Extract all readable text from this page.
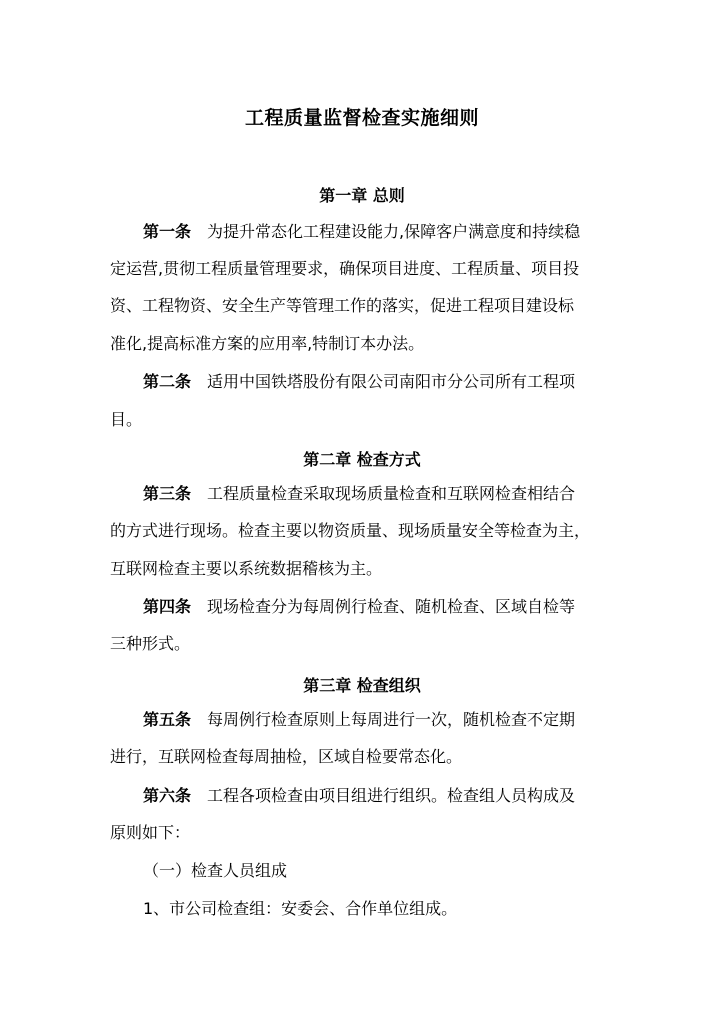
工程质量监督检查实施细则
第一章 总则
第一条 为提升常态化工程建设能力,保障客户满意度和持续稳
定运营,贯彻工程质量管理要求，确保项目进度、工程质量、项目投
资、工程物资、安全生产等管理工作的落实，促进工程项目建设标
准化,提高标准方案的应用率,特制订本办法。
第二条 适用中国铁塔股份有限公司南阳市分公司所有工程项
目。
第二章 检查方式
第三条 工程质量检查采取现场质量检查和互联网检查相结合
的方式进行现场。检查主要以物资质量、现场质量安全等检查为主，
互联网检查主要以系统数据稽核为主。
第四条 现场检查分为每周例行检查、随机检查、区域自检等
三种形式。
第三章 检查组织
第五条 每周例行检查原则上每周进行一次，随机检查不定期
进行，互联网检查每周抽检，区域自检要常态化。
第六条 工程各项检查由项目组进行组织。检查组人员构成及
原则如下：
（一）检查人员组成
1、市公司检查组：安委会、合作单位组成。
